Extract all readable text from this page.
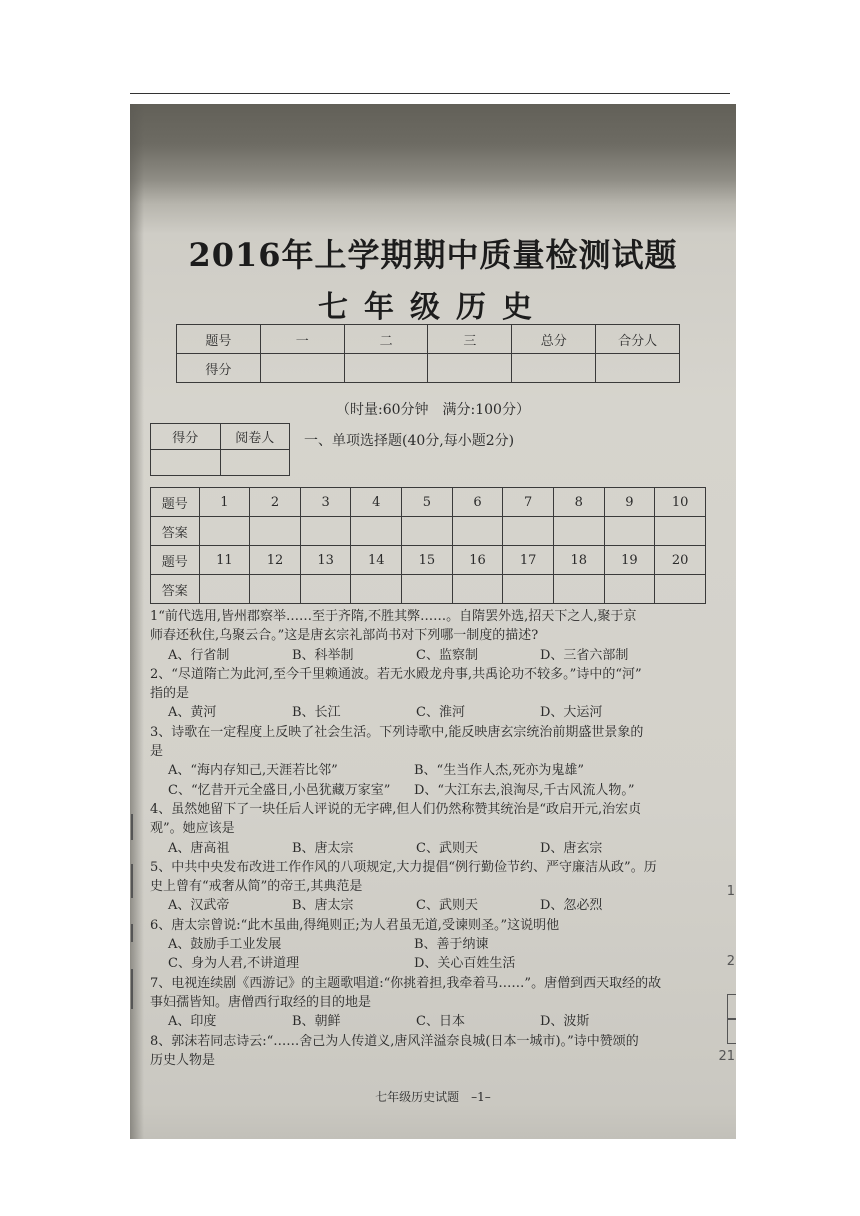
1
2
21
2016年上学期期中质量检测试题
七年级历史
题号	一	二	三	总分	合分人
得分					
（时量:60分钟　满分:100分）
得分	阅卷人
	一、单项选择题(40分,每小题2分)
题号	1	2	3	4	5	6	7	8	9	10
答案										
题号	11	12	13	14	15	16	17	18	19	20
答案										

1“前代选用,皆州郡察举……至于齐隋,不胜其弊……。自隋罢外选,招天下之人,聚于京

师春还秋住,乌聚云合。”这是唐玄宗礼部尚书对下列哪一制度的描述?

A、行省制	B、科举制	C、监察制	D、三省六部制

2、“尽道隋亡为此河,至今千里赖通波。若无水殿龙舟事,共禹论功不较多。”诗中的“河”

指的是

A、黄河	B、长江	C、淮河	D、大运河

3、诗歌在一定程度上反映了社会生活。下列诗歌中,能反映唐玄宗统治前期盛世景象的

是

A、“海内存知己,天涯若比邻”	B、“生当作人杰,死亦为鬼雄”
C、“忆昔开元全盛日,小邑犹藏万家室”	D、“大江东去,浪淘尽,千古风流人物。”

4、虽然她留下了一块任后人评说的无字碑,但人们仍然称赞其统治是“政启开元,治宏贞

观”。她应该是

A、唐高祖	B、唐太宗	C、武则天	D、唐玄宗

5、中共中央发布改进工作作风的八项规定,大力提倡“例行勤俭节约、严守廉洁从政”。历

史上曾有“戒奢从简”的帝王,其典范是

A、汉武帝	B、唐太宗	C、武则天	D、忽必烈

6、唐太宗曾说:“此木虽曲,得绳则正;为人君虽无道,受谏则圣。”这说明他

A、鼓励手工业发展	B、善于纳谏
C、身为人君,不讲道理	D、关心百姓生活

7、电视连续剧《西游记》的主题歌唱道:“你挑着担,我牵着马……”。唐僧到西天取经的故

事妇孺皆知。唐僧西行取经的目的地是

A、印度	B、朝鲜	C、日本	D、波斯

8、郭沫若同志诗云:“……舍己为人传道义,唐风洋溢奈良城(日本一城市)。”诗中赞颂的

历史人物是

七年级历史试题　–1–
